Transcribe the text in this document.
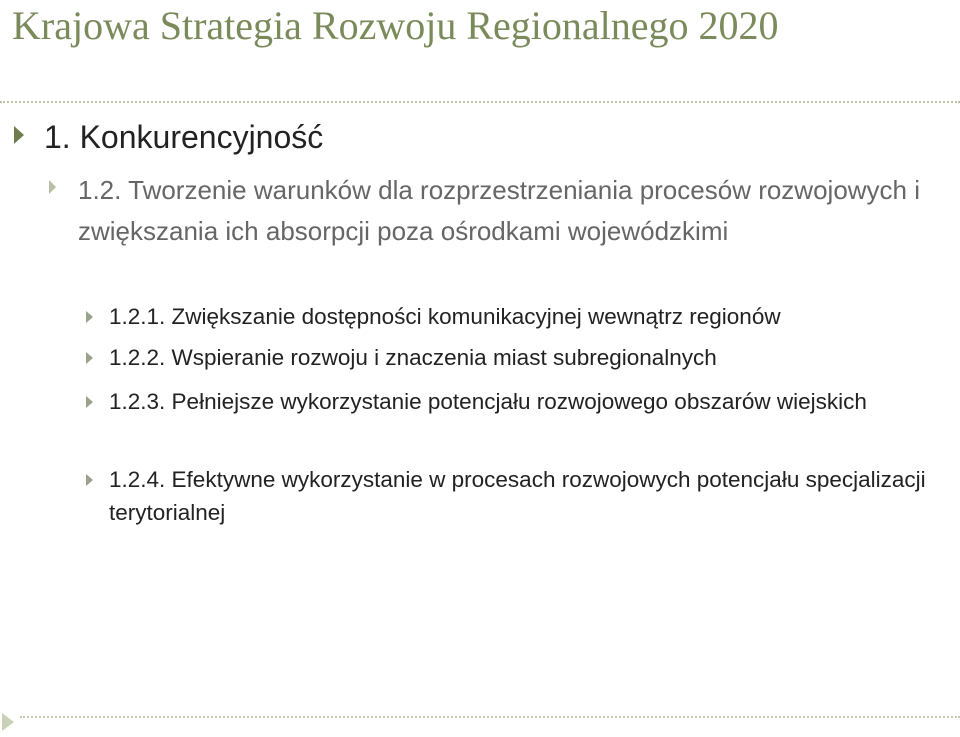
Krajowa Strategia Rozwoju Regionalnego 2020
1. Konkurencyjność
1.2. Tworzenie warunków dla rozprzestrzeniania procesów rozwojowych i zwiększania ich absorpcji poza ośrodkami wojewódzkimi
1.2.1. Zwiększanie dostępności komunikacyjnej wewnątrz regionów
1.2.2. Wspieranie rozwoju i znaczenia miast subregionalnych
1.2.3. Pełniejsze wykorzystanie potencjału rozwojowego obszarów wiejskich
1.2.4. Efektywne wykorzystanie w procesach rozwojowych potencjału specjalizacji terytorialnej
